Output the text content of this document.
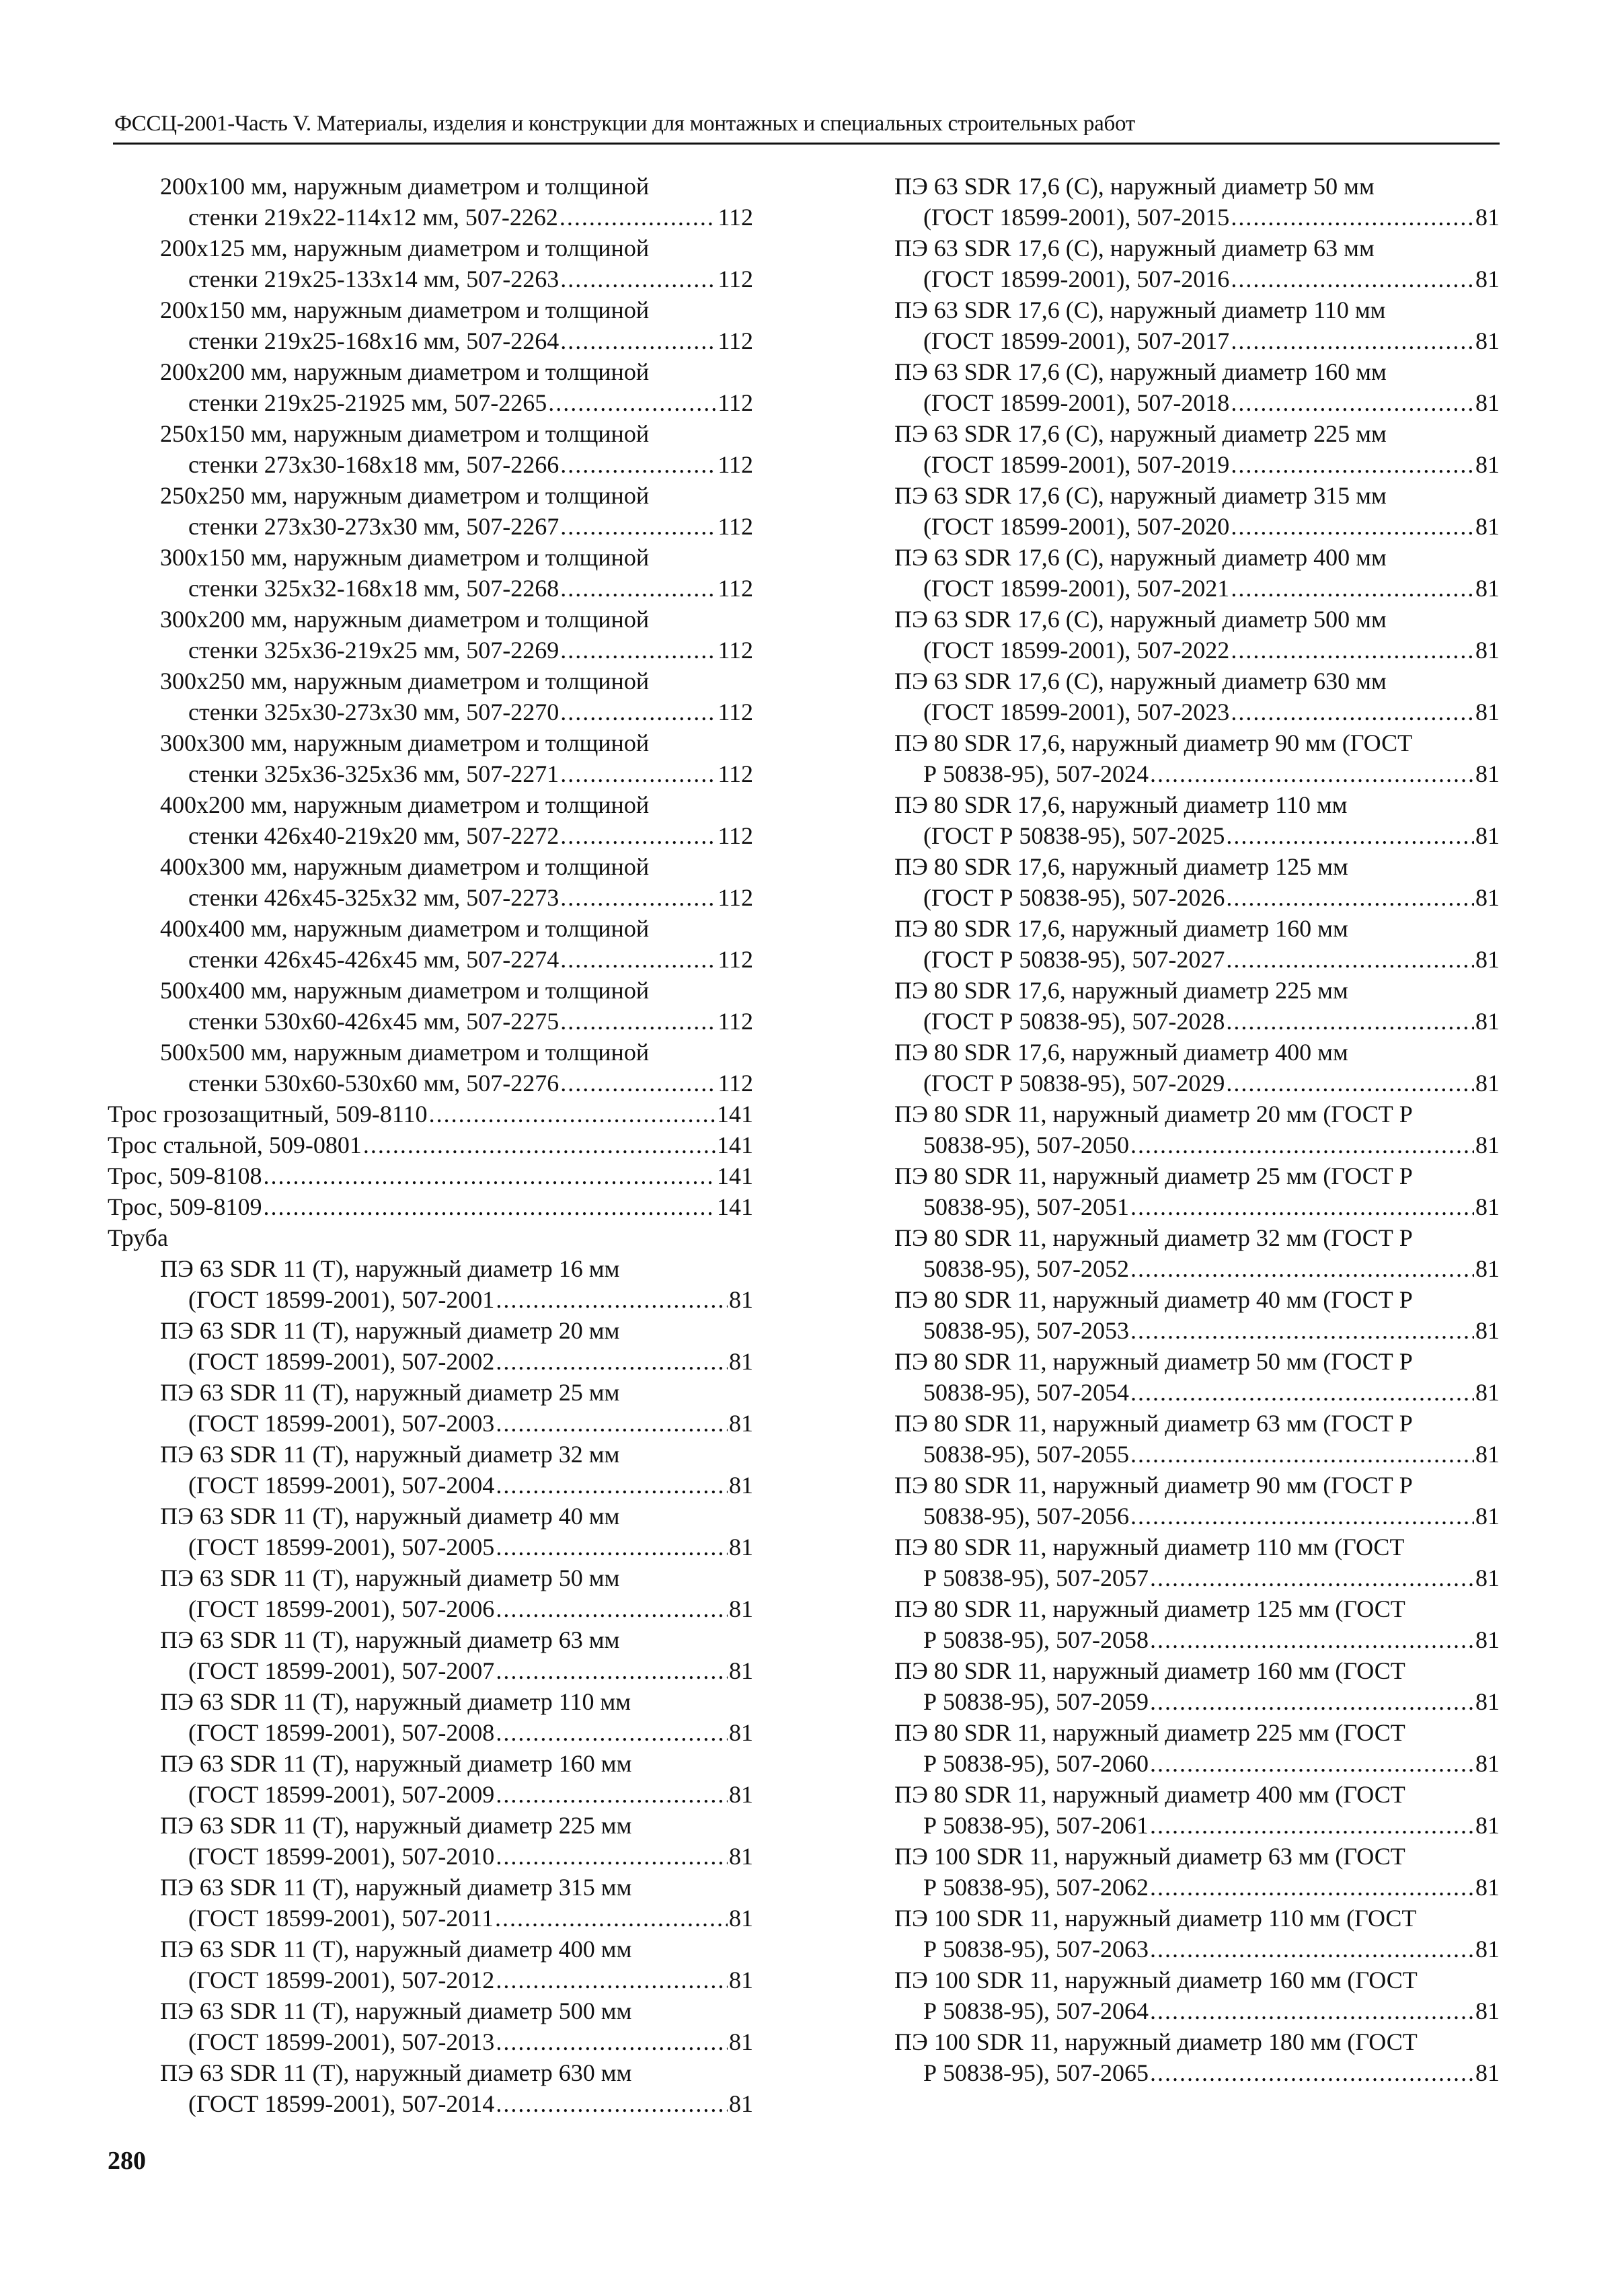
ФССЦ-2001-Часть V. Материалы, изделия и конструкции для монтажных и специальных строительных работ
200х100 мм, наружным диаметром и толщиной
стенки 219х22-114х12 мм, 507-2262 .....	112
200х125 мм, наружным диаметром и толщиной
стенки 219х25-133х14 мм, 507-2263 .....	112
200х150 мм, наружным диаметром и толщиной
стенки 219х25-168х16 мм, 507-2264 .....	112
200х200 мм, наружным диаметром и толщиной
стенки 219х25-21925 мм, 507-2265 .....	112
250х150 мм, наружным диаметром и толщиной
стенки 273х30-168х18 мм, 507-2266 .....	112
250х250 мм, наружным диаметром и толщиной
стенки 273х30-273х30 мм, 507-2267 .....	112
300х150 мм, наружным диаметром и толщиной
стенки 325х32-168х18 мм, 507-2268 .....	112
300х200 мм, наружным диаметром и толщиной
стенки 325х36-219х25 мм, 507-2269 .....	112
300х250 мм, наружным диаметром и толщиной
стенки 325х30-273х30 мм, 507-2270 .....	112
300х300 мм, наружным диаметром и толщиной
стенки 325х36-325х36 мм, 507-2271 .....	112
400х200 мм, наружным диаметром и толщиной
стенки 426х40-219х20 мм, 507-2272 .....	112
400х300 мм, наружным диаметром и толщиной
стенки 426х45-325х32 мм, 507-2273 .....	112
400х400 мм, наружным диаметром и толщиной
стенки 426х45-426х45 мм, 507-2274 .....	112
500х400 мм, наружным диаметром и толщиной
стенки 530х60-426х45 мм, 507-2275 .....	112
500х500 мм, наружным диаметром и толщиной
стенки 530х60-530х60 мм, 507-2276 .....	112
Трос грозозащитный, 509-8110 .....	141
Трос стальной, 509-0801 .....	141
Трос, 509-8108 .....	141
Трос, 509-8109 .....	141
Труба
ПЭ 63 SDR 11 (Т), наружный диаметр 16 мм
(ГОСТ 18599-2001), 507-2001 .....	81
ПЭ 63 SDR 11 (Т), наружный диаметр 20 мм
(ГОСТ 18599-2001), 507-2002 .....	81
ПЭ 63 SDR 11 (Т), наружный диаметр 25 мм
(ГОСТ 18599-2001), 507-2003 .....	81
ПЭ 63 SDR 11 (Т), наружный диаметр 32 мм
(ГОСТ 18599-2001), 507-2004 .....	81
ПЭ 63 SDR 11 (Т), наружный диаметр 40 мм
(ГОСТ 18599-2001), 507-2005 .....	81
ПЭ 63 SDR 11 (Т), наружный диаметр 50 мм
(ГОСТ 18599-2001), 507-2006 .....	81
ПЭ 63 SDR 11 (Т), наружный диаметр 63 мм
(ГОСТ 18599-2001), 507-2007 .....	81
ПЭ 63 SDR 11 (Т), наружный диаметр 110 мм
(ГОСТ 18599-2001), 507-2008 .....	81
ПЭ 63 SDR 11 (Т), наружный диаметр 160 мм
(ГОСТ 18599-2001), 507-2009 .....	81
ПЭ 63 SDR 11 (Т), наружный диаметр 225 мм
(ГОСТ 18599-2001), 507-2010 .....	81
ПЭ 63 SDR 11 (Т), наружный диаметр 315 мм
(ГОСТ 18599-2001), 507-2011 .....	81
ПЭ 63 SDR 11 (Т), наружный диаметр 400 мм
(ГОСТ 18599-2001), 507-2012 .....	81
ПЭ 63 SDR 11 (Т), наружный диаметр 500 мм
(ГОСТ 18599-2001), 507-2013 .....	81
ПЭ 63 SDR 11 (Т), наружный диаметр 630 мм
(ГОСТ 18599-2001), 507-2014 .....	81
ПЭ 63 SDR 17,6 (С), наружный диаметр 50 мм
(ГОСТ 18599-2001), 507-2015 .....	81
ПЭ 63 SDR 17,6 (С), наружный диаметр 63 мм
(ГОСТ 18599-2001), 507-2016 .....	81
ПЭ 63 SDR 17,6 (С), наружный диаметр 110 мм
(ГОСТ 18599-2001), 507-2017 .....	81
ПЭ 63 SDR 17,6 (С), наружный диаметр 160 мм
(ГОСТ 18599-2001), 507-2018 .....	81
ПЭ 63 SDR 17,6 (С), наружный диаметр 225 мм
(ГОСТ 18599-2001), 507-2019 .....	81
ПЭ 63 SDR 17,6 (С), наружный диаметр 315 мм
(ГОСТ 18599-2001), 507-2020 .....	81
ПЭ 63 SDR 17,6 (С), наружный диаметр 400 мм
(ГОСТ 18599-2001), 507-2021 .....	81
ПЭ 63 SDR 17,6 (С), наружный диаметр 500 мм
(ГОСТ 18599-2001), 507-2022 .....	81
ПЭ 63 SDR 17,6 (С), наружный диаметр 630 мм
(ГОСТ 18599-2001), 507-2023 .....	81
ПЭ 80 SDR 17,6, наружный диаметр 90 мм (ГОСТ
Р 50838-95), 507-2024 .....	81
ПЭ 80 SDR 17,6, наружный диаметр 110 мм
(ГОСТ Р 50838-95), 507-2025 .....	81
ПЭ 80 SDR 17,6, наружный диаметр 125 мм
(ГОСТ Р 50838-95), 507-2026 .....	81
ПЭ 80 SDR 17,6, наружный диаметр 160 мм
(ГОСТ Р 50838-95), 507-2027 .....	81
ПЭ 80 SDR 17,6, наружный диаметр 225 мм
(ГОСТ Р 50838-95), 507-2028 .....	81
ПЭ 80 SDR 17,6, наружный диаметр 400 мм
(ГОСТ Р 50838-95), 507-2029 .....	81
ПЭ 80 SDR 11, наружный диаметр 20 мм (ГОСТ Р
50838-95), 507-2050 .....	81
ПЭ 80 SDR 11, наружный диаметр 25 мм (ГОСТ Р
50838-95), 507-2051 .....	81
ПЭ 80 SDR 11, наружный диаметр 32 мм (ГОСТ Р
50838-95), 507-2052 .....	81
ПЭ 80 SDR 11, наружный диаметр 40 мм (ГОСТ Р
50838-95), 507-2053 .....	81
ПЭ 80 SDR 11, наружный диаметр 50 мм (ГОСТ Р
50838-95), 507-2054 .....	81
ПЭ 80 SDR 11, наружный диаметр 63 мм (ГОСТ Р
50838-95), 507-2055 .....	81
ПЭ 80 SDR 11, наружный диаметр 90 мм (ГОСТ Р
50838-95), 507-2056 .....	81
ПЭ 80 SDR 11, наружный диаметр 110 мм (ГОСТ
Р 50838-95), 507-2057 .....	81
ПЭ 80 SDR 11, наружный диаметр 125 мм (ГОСТ
Р 50838-95), 507-2058 .....	81
ПЭ 80 SDR 11, наружный диаметр 160 мм (ГОСТ
Р 50838-95), 507-2059 .....	81
ПЭ 80 SDR 11, наружный диаметр 225 мм (ГОСТ
Р 50838-95), 507-2060 .....	81
ПЭ 80 SDR 11, наружный диаметр 400 мм (ГОСТ
Р 50838-95), 507-2061 .....	81
ПЭ 100 SDR 11, наружный диаметр 63 мм (ГОСТ
Р 50838-95), 507-2062 .....	81
ПЭ 100 SDR 11, наружный диаметр 110 мм (ГОСТ
Р 50838-95), 507-2063 .....	81
ПЭ 100 SDR 11, наружный диаметр 160 мм (ГОСТ
Р 50838-95), 507-2064 .....	81
ПЭ 100 SDR 11, наружный диаметр 180 мм (ГОСТ
Р 50838-95), 507-2065 .....	81
280
